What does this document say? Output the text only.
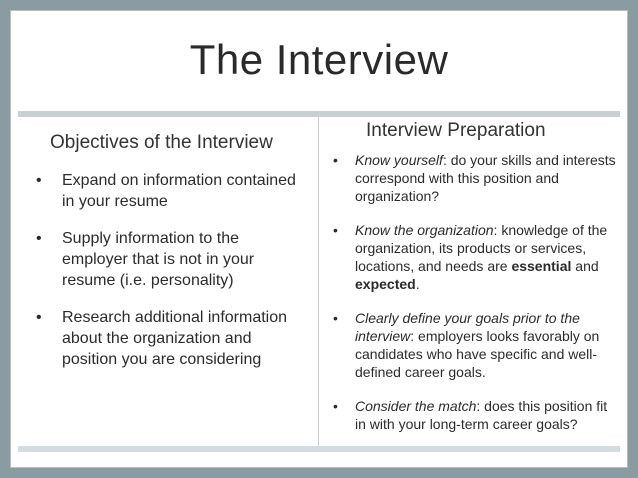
The Interview
Objectives of the Interview
• Expand on information contained in your resume
• Supply information to the employer that is not in your resume (i.e. personality)
• Research additional information about the organization and position you are considering
Interview Preparation
• Know yourself: do your skills and interests correspond with this position and organization?
• Know the organization: knowledge of the organization, its products or services, locations, and needs are essential and expected.
• Clearly define your goals prior to the interview: employers looks favorably on candidates who have specific and well-defined career goals.
• Consider the match: does this position fit in with your long-term career goals?
